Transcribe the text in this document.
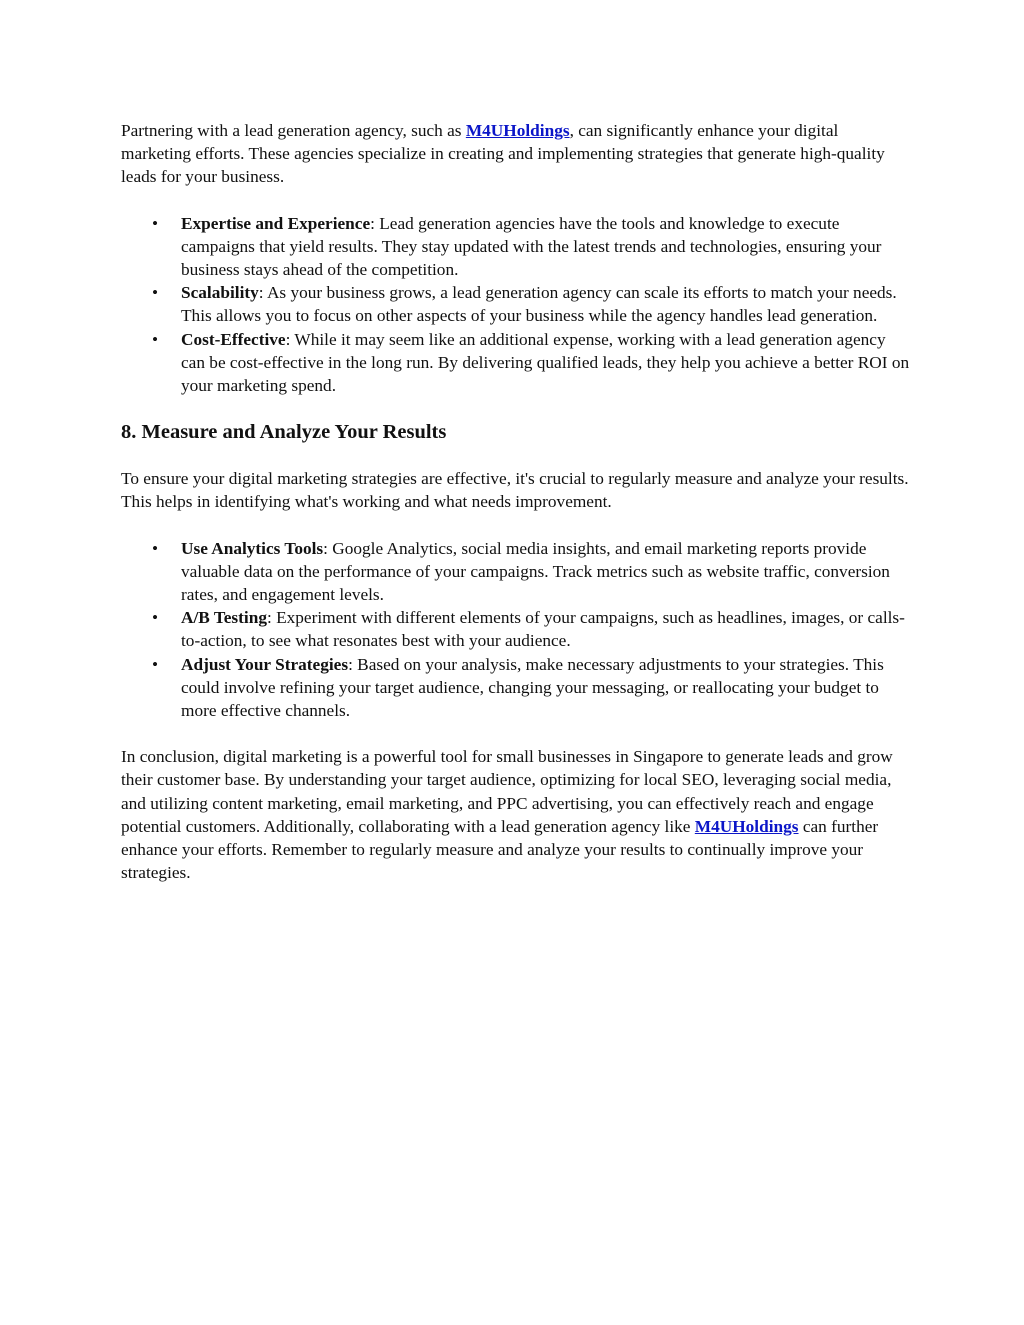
Partnering with a lead generation agency, such as M4UHoldings, can significantly enhance your digital marketing efforts. These agencies specialize in creating and implementing strategies that generate high-quality leads for your business.

• Expertise and Experience: Lead generation agencies have the tools and knowledge to execute campaigns that yield results. They stay updated with the latest trends and technologies, ensuring your business stays ahead of the competition.
• Scalability: As your business grows, a lead generation agency can scale its efforts to match your needs. This allows you to focus on other aspects of your business while the agency handles lead generation.
• Cost-Effective: While it may seem like an additional expense, working with a lead generation agency can be cost-effective in the long run. By delivering qualified leads, they help you achieve a better ROI on your marketing spend.
8. Measure and Analyze Your Results

To ensure your digital marketing strategies are effective, it's crucial to regularly measure and analyze your results. This helps in identifying what's working and what needs improvement.

• Use Analytics Tools: Google Analytics, social media insights, and email marketing reports provide valuable data on the performance of your campaigns. Track metrics such as website traffic, conversion rates, and engagement levels.
• A/B Testing: Experiment with different elements of your campaigns, such as headlines, images, or calls-to-action, to see what resonates best with your audience.
• Adjust Your Strategies: Based on your analysis, make necessary adjustments to your strategies. This could involve refining your target audience, changing your messaging, or reallocating your budget to more effective channels.

In conclusion, digital marketing is a powerful tool for small businesses in Singapore to generate leads and grow their customer base. By understanding your target audience, optimizing for local SEO, leveraging social media, and utilizing content marketing, email marketing, and PPC advertising, you can effectively reach and engage potential customers. Additionally, collaborating with a lead generation agency like M4UHoldings can further enhance your efforts. Remember to regularly measure and analyze your results to continually improve your strategies.
